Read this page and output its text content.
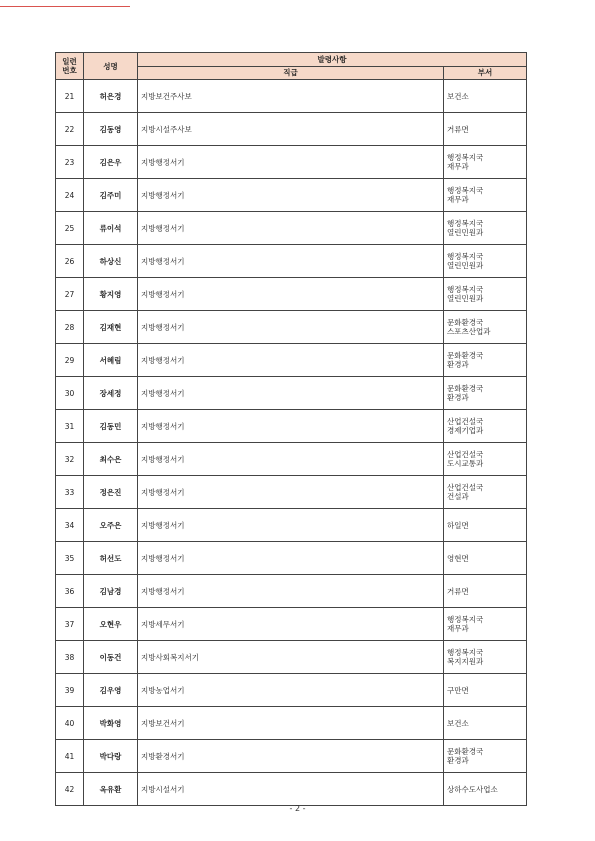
일련
번호	성명	발령사항	
		직급	부서
21	허은경	지방보건주사보	보건소

22	김동영	지방시설주사보	거류면

23	김은우	지방행정서기	행정복지국
재무과

24	김주미	지방행정서기	행정복지국
재무과

25	류이석	지방행정서기	행정복지국
열린민원과

26	하상신	지방행정서기	행정복지국
열린민원과

27	황지영	지방행정서기	행정복지국
열린민원과

28	김재현	지방행정서기	문화환경국
스포츠산업과

29	서혜림	지방행정서기	문화환경국
환경과

30	장세정	지방행정서기	문화환경국
환경과

31	김동민	지방행정서기	산업건설국
경제기업과

32	최수은	지방행정서기	산업건설국
도시교통과

33	정은진	지방행정서기	산업건설국
건설과

34	오주은	지방행정서기	하일면

35	허선도	지방행정서기	영현면

36	김남경	지방행정서기	거류면

37	오현우	지방세무서기	행정복지국
재무과

38	이동건	지방사회복지서기	행정복지국
복지지원과

39	김우영	지방농업서기	구만면

40	박화영	지방보건서기	보건소

41	박다랑	지방환경서기	문화환경국
환경과

42	옥유환	지방시설서기	상하수도사업소
- 2 -
